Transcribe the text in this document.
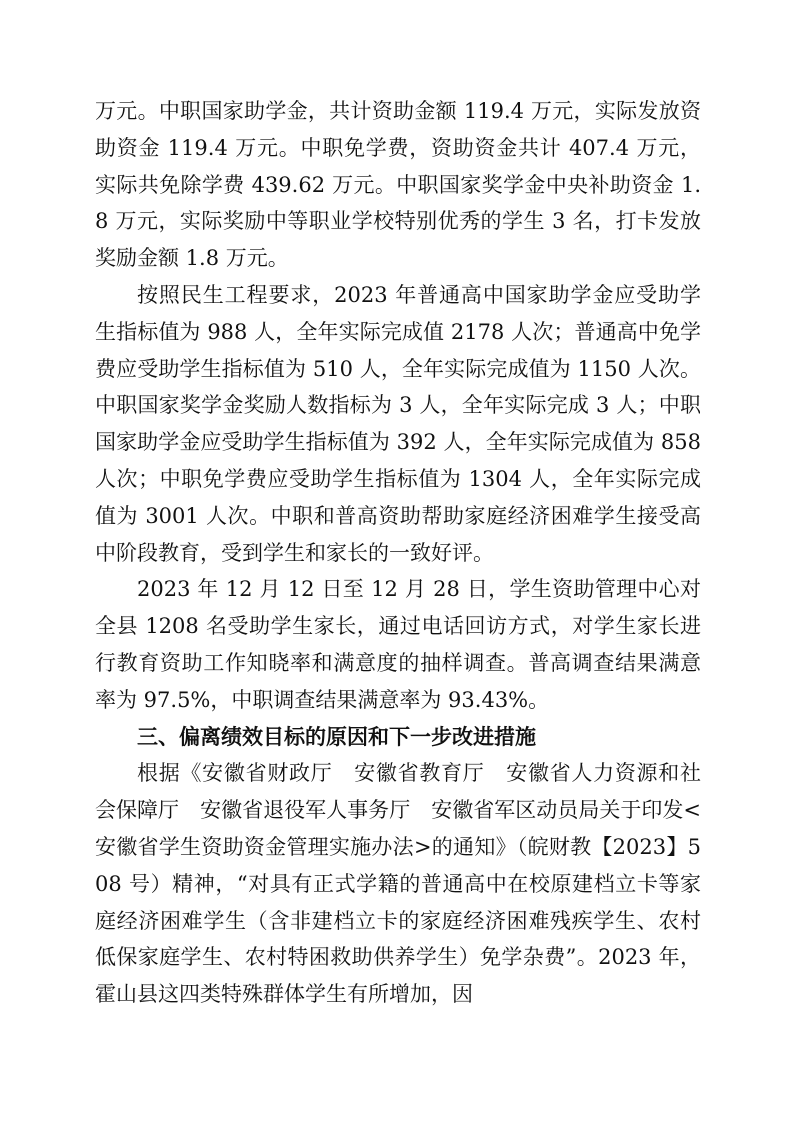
万元。中职国家助学金，共计资助金额 119.4 万元，实际发放资助资金 119.4 万元。中职免学费，资助资金共计 407.4 万元，实际共免除学费 439.62 万元。中职国家奖学金中央补助资金 1.8 万元，实际奖励中等职业学校特别优秀的学生 3 名，打卡发放奖励金额 1.8 万元。

按照民生工程要求，2023 年普通高中国家助学金应受助学生指标值为 988 人，全年实际完成值 2178 人次；普通高中免学费应受助学生指标值为 510 人，全年实际完成值为 1150 人次。中职国家奖学金奖励人数指标为 3 人，全年实际完成 3 人；中职国家助学金应受助学生指标值为 392 人，全年实际完成值为 858 人次；中职免学费应受助学生指标值为 1304 人，全年实际完成值为 3001 人次。中职和普高资助帮助家庭经济困难学生接受高中阶段教育，受到学生和家长的一致好评。

2023 年 12 月 12 日至 12 月 28 日，学生资助管理中心对全县 1208 名受助学生家长，通过电话回访方式，对学生家长进行教育资助工作知晓率和满意度的抽样调查。普高调查结果满意率为 97.5%，中职调查结果满意率为 93.43%。

三、偏离绩效目标的原因和下一步改进措施

根据《安徽省财政厅　安徽省教育厅　安徽省人力资源和社会保障厅　安徽省退役军人事务厅　安徽省军区动员局关于印发<安徽省学生资助资金管理实施办法>的通知》（皖财教【2023】508 号）精神，“对具有正式学籍的普通高中在校原建档立卡等家庭经济困难学生（含非建档立卡的家庭经济困难残疾学生、农村低保家庭学生、农村特困救助供养学生）免学杂费”。2023 年，霍山县这四类特殊群体学生有所增加，因
